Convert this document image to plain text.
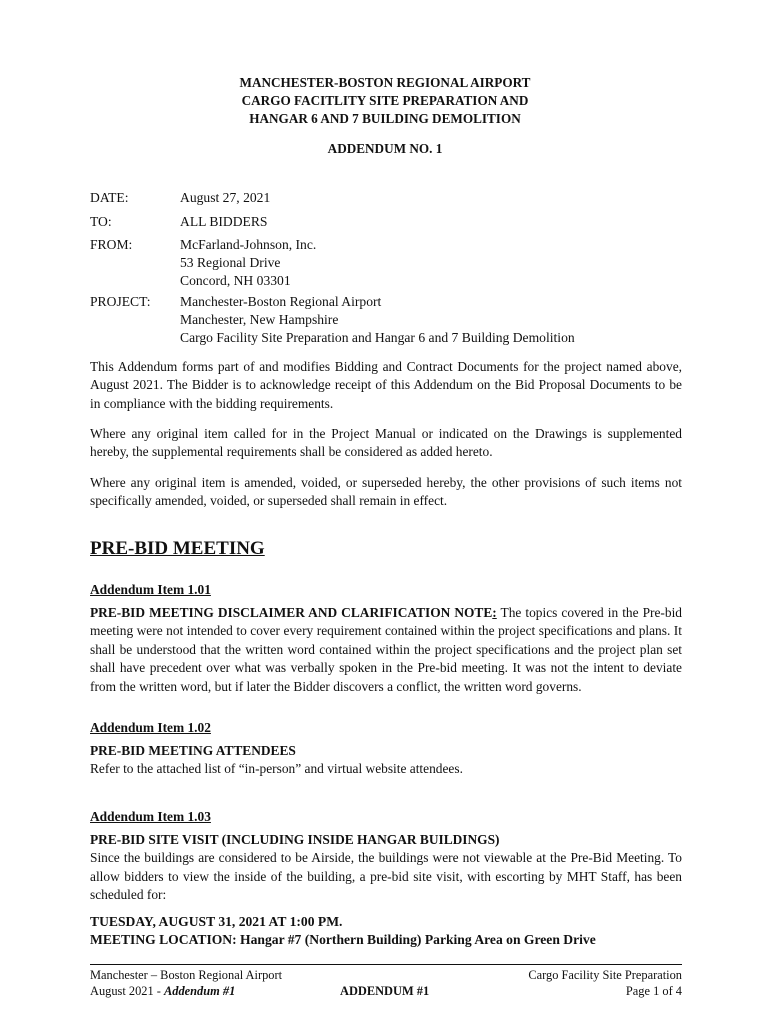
MANCHESTER-BOSTON REGIONAL AIRPORT
CARGO FACITLITY SITE PREPARATION AND
HANGAR 6 AND 7 BUILDING DEMOLITION
ADDENDUM NO. 1
DATE:	August 27, 2021
TO:	ALL BIDDERS
FROM:	McFarland-Johnson, Inc.
53 Regional Drive
Concord, NH 03301
PROJECT:	Manchester-Boston Regional Airport
Manchester, New Hampshire
Cargo Facility Site Preparation and Hangar 6 and 7 Building Demolition
This Addendum forms part of and modifies Bidding and Contract Documents for the project named above, August 2021. The Bidder is to acknowledge receipt of this Addendum on the Bid Proposal Documents to be in compliance with the bidding requirements.
Where any original item called for in the Project Manual or indicated on the Drawings is supplemented hereby, the supplemental requirements shall be considered as added hereto.
Where any original item is amended, voided, or superseded hereby, the other provisions of such items not specifically amended, voided, or superseded shall remain in effect.
PRE-BID MEETING
Addendum Item 1.01
PRE-BID MEETING DISCLAIMER AND CLARIFICATION NOTE: The topics covered in the Pre-bid meeting were not intended to cover every requirement contained within the project specifications and plans. It shall be understood that the written word contained within the project specifications and the project plan set shall have precedent over what was verbally spoken in the Pre-bid meeting. It was not the intent to deviate from the written word, but if later the Bidder discovers a conflict, the written word governs.
Addendum Item 1.02
PRE-BID MEETING ATTENDEES
Refer to the attached list of “in-person” and virtual website attendees.
Addendum Item 1.03
PRE-BID SITE VISIT (INCLUDING INSIDE HANGAR BUILDINGS)
Since the buildings are considered to be Airside, the buildings were not viewable at the Pre-Bid Meeting. To allow bidders to view the inside of the building, a pre-bid site visit, with escorting by MHT Staff, has been scheduled for:
TUESDAY, AUGUST 31, 2021 AT 1:00 PM.
MEETING LOCATION: Hangar #7 (Northern Building) Parking Area on Green Drive
Manchester – Boston Regional Airport
August 2021 - Addendum #1	ADDENDUM #1
Cargo Facility Site Preparation
Page 1 of 4
